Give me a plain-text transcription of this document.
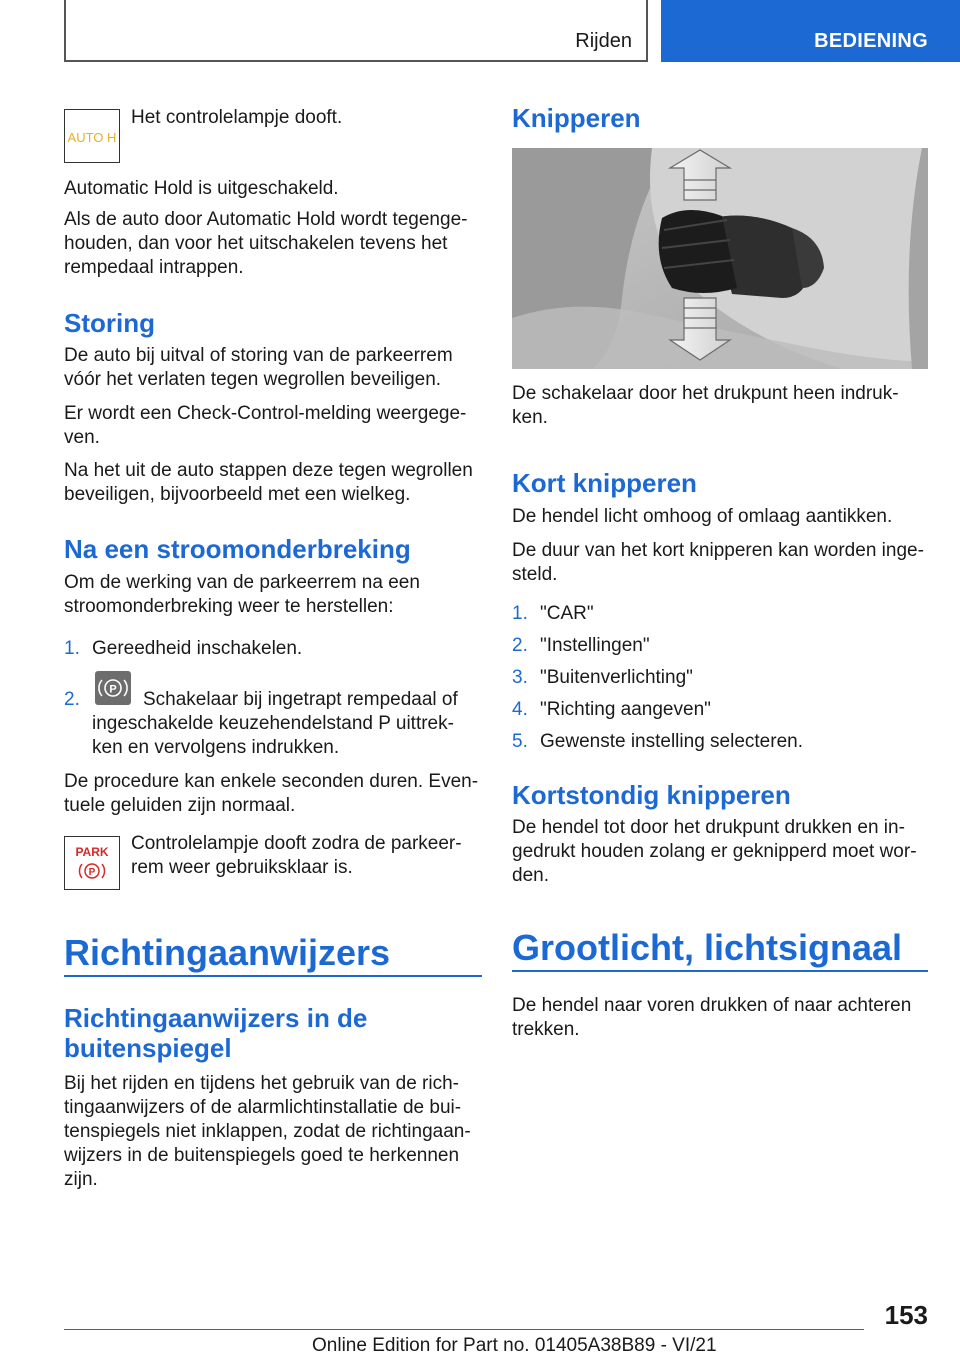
Rijden	BEDIENING
AUTO H

Het controlelampje dooft.

Automatic Hold is uitgeschakeld.

Als de auto door Automatic Hold wordt tegenge-

houden, dan voor het uitschakelen tevens het

rempedaal intrappen.

Storing

De auto bij uitval of storing van de parkeerrem

vóór het verlaten tegen wegrollen beveiligen.

Er wordt een Check-Control-melding weergege-

ven.

Na het uit de auto stappen deze tegen wegrollen

beveiligen, bijvoorbeeld met een wielkeg.

Na een stroomonderbreking

Om de werking van de parkeerrem na een

stroomonderbreking weer te herstellen:

1. Gereedheid inschakelen.
2.	P Schakelaar bij ingetrapt rempedaal of

ingeschakelde keuzehendelstand P uittrek-

ken en vervolgens indrukken.

De procedure kan enkele seconden duren. Even-

tuele geluiden zijn normaal.

PARK
P

Controlelampje dooft zodra de parkeer-

rem weer gebruiksklaar is.

Richtingaanwijzers
Richtingaanwijzers in de
buitenspiegel

Bij het rijden en tijdens het gebruik van de rich-

tingaanwijzers of de alarmlichtinstallatie de bui-

tenspiegels niet inklappen, zodat de richtingaan-

wijzers in de buitenspiegels goed te herkennen

zijn.

Knipperen

De schakelaar door het drukpunt heen indruk-

ken.

Kort knipperen

De hendel licht omhoog of omlaag aantikken.

De duur van het kort knipperen kan worden inge-

steld.

1. "CAR"
2. "Instellingen"
3. "Buitenverlichting"
4. "Richting aangeven"
5. Gewenste instelling selecteren.
Kortstondig knipperen

De hendel tot door het drukpunt drukken en in-

gedrukt houden zolang er geknipperd moet wor-

den.

Grootlicht, lichtsignaal

De hendel naar voren drukken of naar achteren

trekken.

153
Online Edition for Part no. 01405A38B89 - VI/21
